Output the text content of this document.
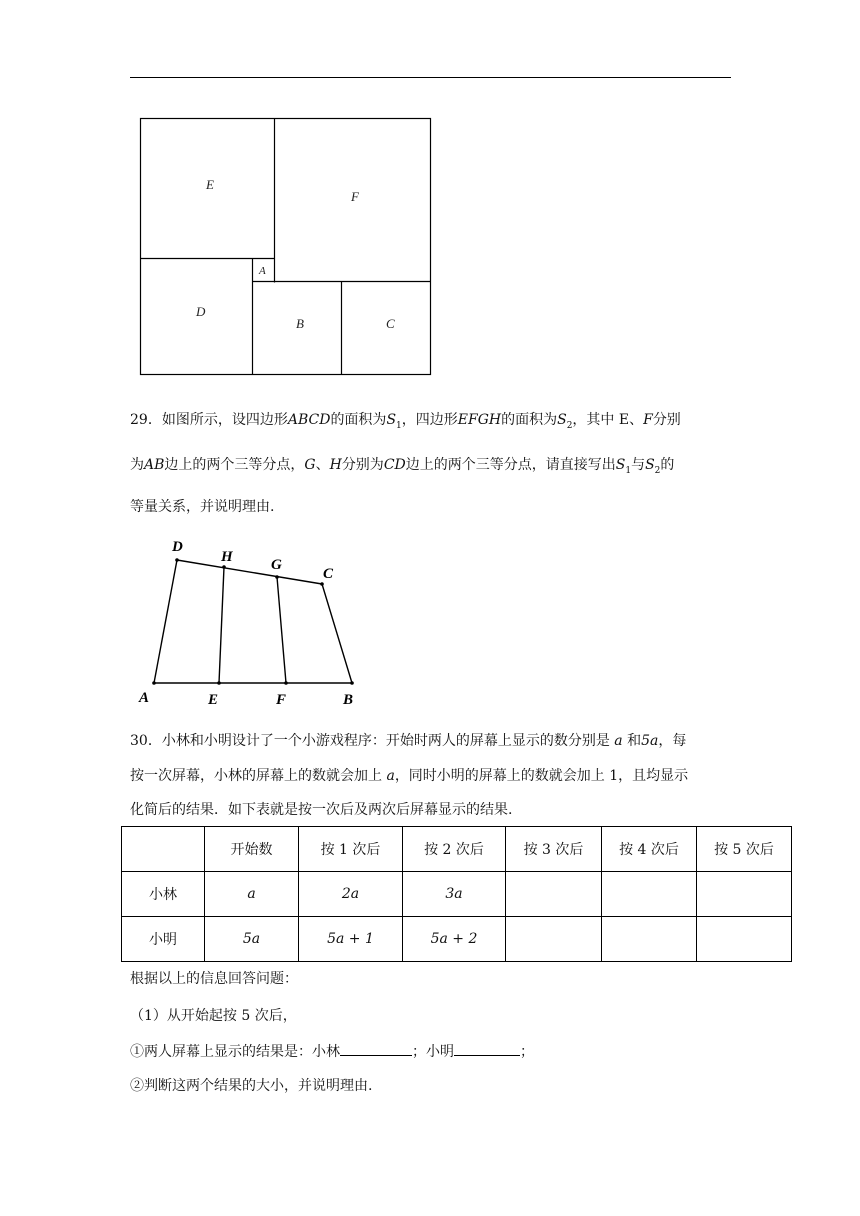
E
F
A
D
B	C
29．如图所示，设四边形ABCD的面积为$S_1$，四边形EFGH的面积为$S_2$，其中 E、F分别
为AB边上的两个三等分点，G、H分别为CD边上的两个三等分点，请直接写出$S_1$与$S_2$的
等量关系，并说明理由.
D
H	G
C
A	E	F	B
30．小林和小明设计了一个小游戏程序：开始时两人的屏幕上显示的数分别是 a 和5a，每
按一次屏幕，小林的屏幕上的数就会加上 a，同时小明的屏幕上的数就会加上 1，且均显示
化简后的结果．如下表就是按一次后及两次后屏幕显示的结果.
	开始数	按 1 次后	按 2 次后	按 3 次后	按 4 次后	按 5 次后
小林	a	2a	3a			
小明	5a	5a + 1	5a + 2			
根据以上的信息回答问题：
（1）从开始起按 5 次后，
①两人屏幕上显示的结果是：小林	；小明	；
②判断这两个结果的大小，并说明理由.
